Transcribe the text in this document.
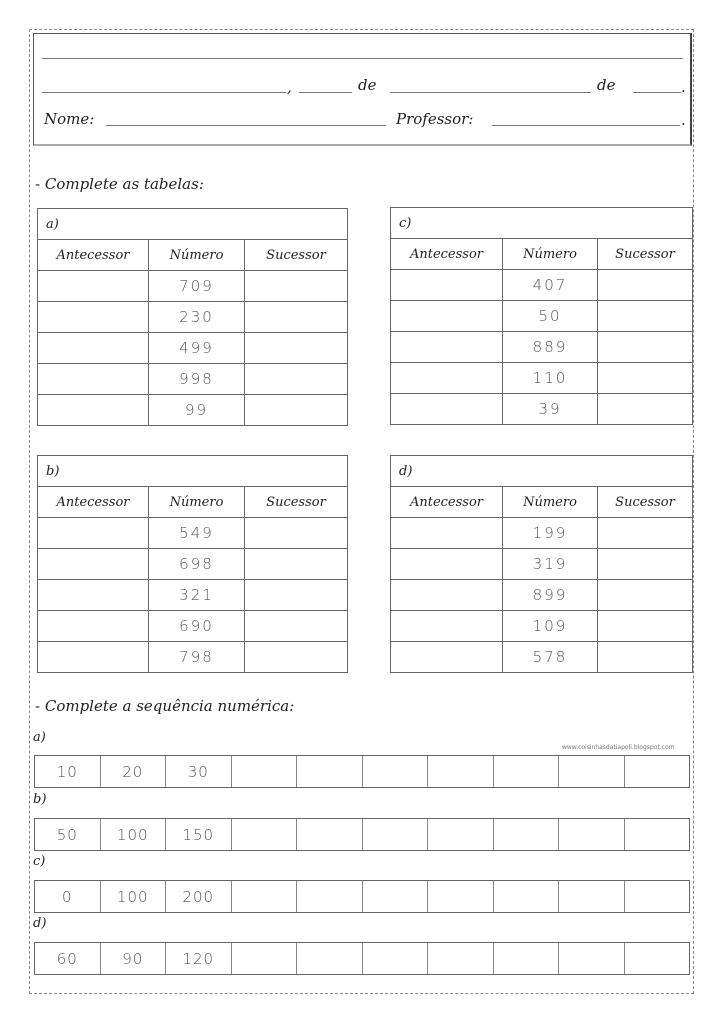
,	de	de	.
Nome:	Professor:	.
- Complete as tabelas:
a)		
Antecessor	Número	Sucessor
	709	
	230	
	499	
	998	
	99	
c)		
Antecessor	Número	Sucessor
	407	
	50	
	889	
	110	
	39	
b)		
Antecessor	Número	Sucessor
	549	
	698	
	321	
	690	
	798	
d)		
Antecessor	Número	Sucessor
	199	
	319	
	899	
	109	
	578	
- Complete a sequência numérica:
www.coisinhasdatiapoli.blogspot.com
a)
10	20	30
b)
50	100	150
c)
0	100	200
d)
60	90	120
